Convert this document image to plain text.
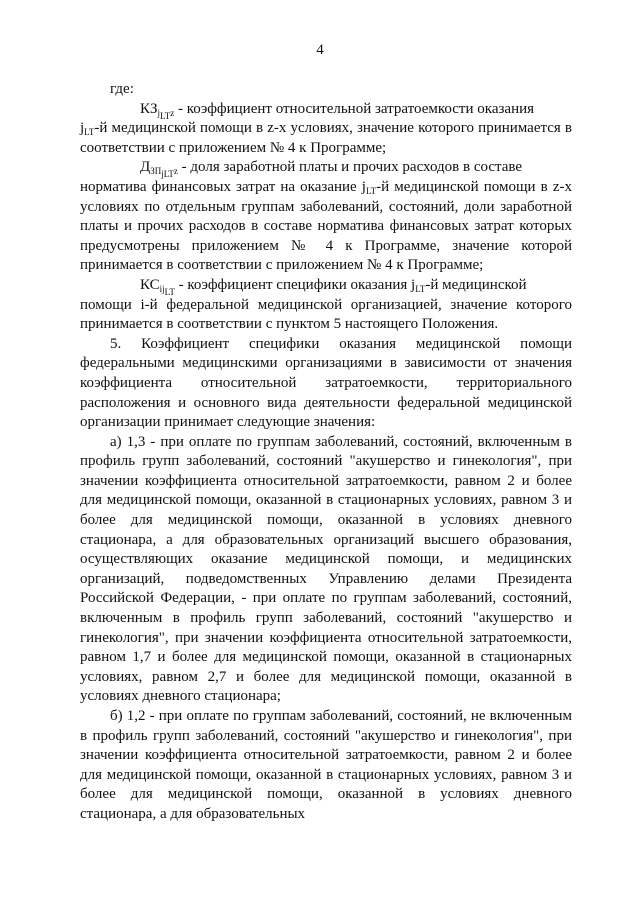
4

где:

$КЗ_{j_{LT}z}$ - коэффициент относительной затратоемкости оказания

$j_{LT}-й$ медицинской помощи в z-х условиях, значение которого принимается в соответствии с приложением № 4 к Программе;

$Д_{ЗП_{jLT}z}$ - доля заработной платы и прочих расходов в составе

норматива финансовых затрат на оказание $j_{LT}-й$ медицинской помощи в z-х условиях по отдельным группам заболеваний, состояний, доли заработной платы и прочих расходов в составе норматива финансовых затрат которых предусмотрены приложением № 4 к Программе, значение которой принимается в соответствии с приложением № 4 к Программе;

$КС_{ij_{LT}}$ - коэффициент специфики оказания $j_{LT}-й$ медицинской

помощи i-й федеральной медицинской организацией, значение которого принимается в соответствии с пунктом 5 настоящего Положения.

5. Коэффициент специфики оказания медицинской помощи федеральными медицинскими организациями в зависимости от значения коэффициента относительной затратоемкости, территориального расположения и основного вида деятельности федеральной медицинской организации принимает следующие значения:

а) 1,3 - при оплате по группам заболеваний, состояний, включенным в профиль групп заболеваний, состояний "акушерство и гинекология", при значении коэффициента относительной затратоемкости, равном 2 и более для медицинской помощи, оказанной в стационарных условиях, равном 3 и более для медицинской помощи, оказанной в условиях дневного стационара, а для образовательных организаций высшего образования, осуществляющих оказание медицинской помощи, и медицинских организаций, подведомственных Управлению делами Президента Российской Федерации, - при оплате по группам заболеваний, состояний, включенным в профиль групп заболеваний, состояний "акушерство и гинекология", при значении коэффициента относительной затратоемкости, равном 1,7 и более для медицинской помощи, оказанной в стационарных условиях, равном 2,7 и более для медицинской помощи, оказанной в условиях дневного стационара;

б) 1,2 - при оплате по группам заболеваний, состояний, не включенным в профиль групп заболеваний, состояний "акушерство и гинекология", при значении коэффициента относительной затратоемкости, равном 2 и более для медицинской помощи, оказанной в стационарных условиях, равном 3 и более для медицинской помощи, оказанной в условиях дневного стационара, а для образовательных
